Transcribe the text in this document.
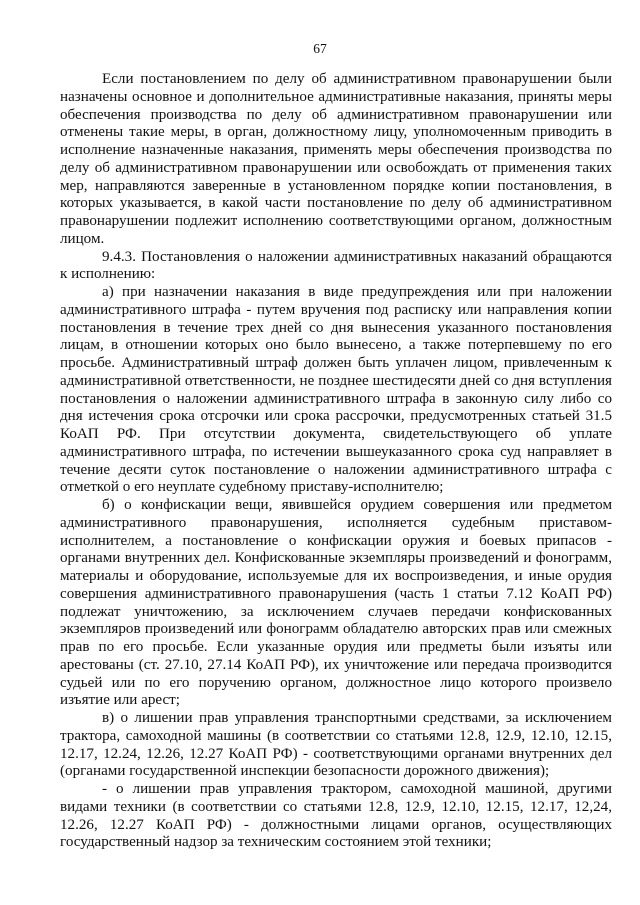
67

Если постановлением по делу об административном правонарушении были назначены основное и дополнительное административные наказания, приняты меры обеспечения производства по делу об административном правонарушении или отменены такие меры, в орган, должностному лицу, уполномоченным приводить в исполнение назначенные наказания, применять меры обеспечения производства по делу об административном правонарушении или освобождать от применения таких мер, направляются заверенные в установленном порядке копии постановления, в которых указывается, в какой части постановление по делу об административном правонарушении подлежит исполнению соответствующими органом, должностным лицом.

9.4.3. Постановления о наложении административных наказаний обращаются к исполнению:

а) при назначении наказания в виде предупреждения или при наложении административного штрафа - путем вручения под расписку или направления копии постановления в течение трех дней со дня вынесения указанного постановления лицам, в отношении которых оно было вынесено, а также потерпевшему по его просьбе. Административный штраф должен быть уплачен лицом, привлеченным к административной ответственности, не позднее шестидесяти дней со дня вступления постановления о наложении административного штрафа в законную силу либо со дня истечения срока отсрочки или срока рассрочки, предусмотренных статьей 31.5 КоАП РФ. При отсутствии документа, свидетельствующего об уплате административного штрафа, по истечении вышеуказанного срока суд направляет в течение десяти суток постановление о наложении административного штрафа с отметкой о его неуплате судебному приставу-исполнителю;

б) о конфискации вещи, явившейся орудием совершения или предметом административного правонарушения, исполняется судебным приставом-исполнителем, а постановление о конфискации оружия и боевых припасов - органами внутренних дел. Конфискованные экземпляры произведений и фонограмм, материалы и оборудование, используемые для их воспроизведения, и иные орудия совершения административного правонарушения (часть 1 статьи 7.12 КоАП РФ) подлежат уничтожению, за исключением случаев передачи конфискованных экземпляров произведений или фонограмм обладателю авторских прав или смежных прав по его просьбе. Если указанные орудия или предметы были изъяты или арестованы (ст. 27.10, 27.14 КоАП РФ), их уничтожение или передача производится судьей или по его поручению органом, должностное лицо которого произвело изъятие или арест;

в) о лишении прав управления транспортными средствами, за исключением трактора, самоходной машины (в соответствии со статьями 12.8, 12.9, 12.10, 12.15, 12.17, 12.24, 12.26, 12.27 КоАП РФ) - соответствующими органами внутренних дел (органами государственной инспекции безопасности дорожного движения);

- о лишении прав управления трактором, самоходной машиной, другими видами техники (в соответствии со статьями 12.8, 12.9, 12.10, 12.15, 12.17, 12,24, 12.26, 12.27 КоАП РФ) - должностными лицами органов, осуществляющих государственный надзор за техническим состоянием этой техники;
